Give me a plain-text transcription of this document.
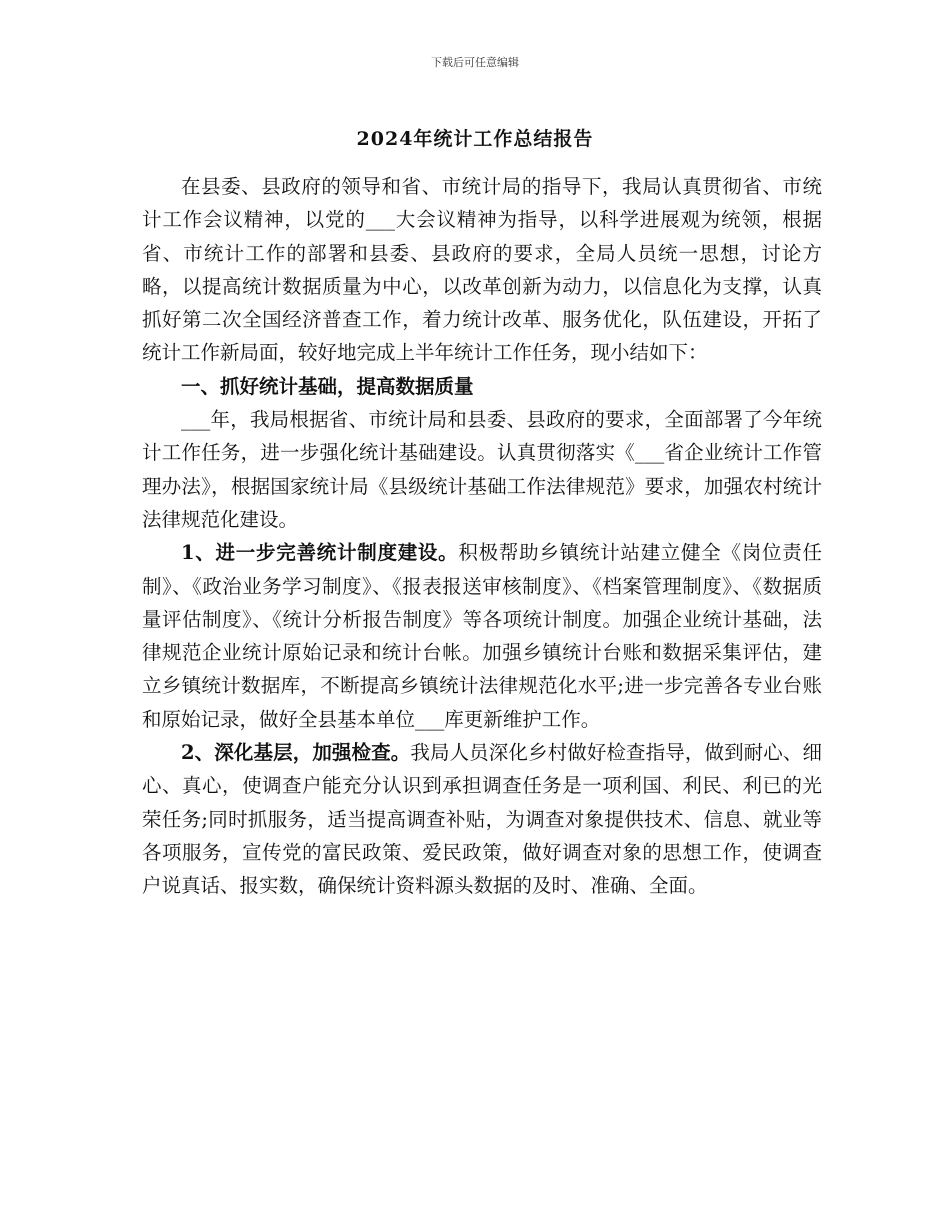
下载后可任意编辑
2024年统计工作总结报告

在县委、县政府的领导和省、市统计局的指导下，我局认真贯彻省、市统计工作会议精神，以党的___大会议精神为指导，以科学进展观为统领，根据省、市统计工作的部署和县委、县政府的要求，全局人员统一思想，讨论方略，以提高统计数据质量为中心，以改革创新为动力，以信息化为支撑，认真抓好第二次全国经济普查工作，着力统计改革、服务优化，队伍建设，开拓了统计工作新局面，较好地完成上半年统计工作任务，现小结如下：

一、抓好统计基础，提高数据质量

___年，我局根据省、市统计局和县委、县政府的要求，全面部署了今年统计工作任务，进一步强化统计基础建设。认真贯彻落实《___省企业统计工作管理办法》，根据国家统计局《县级统计基础工作法律规范》要求，加强农村统计法律规范化建设。

1、进一步完善统计制度建设。积极帮助乡镇统计站建立健全《岗位责任制》、《政治业务学习制度》、《报表报送审核制度》、《档案管理制度》、《数据质量评估制度》、《统计分析报告制度》等各项统计制度。加强企业统计基础，法律规范企业统计原始记录和统计台帐。加强乡镇统计台账和数据采集评估，建立乡镇统计数据库，不断提高乡镇统计法律规范化水平;进一步完善各专业台账和原始记录，做好全县基本单位___库更新维护工作。

2、深化基层，加强检查。我局人员深化乡村做好检查指导，做到耐心、细心、真心，使调查户能充分认识到承担调查任务是一项利国、利民、利已的光荣任务;同时抓服务，适当提高调查补贴，为调查对象提供技术、信息、就业等各项服务，宣传党的富民政策、爱民政策，做好调查对象的思想工作，使调查户说真话、报实数，确保统计资料源头数据的及时、准确、全面。
